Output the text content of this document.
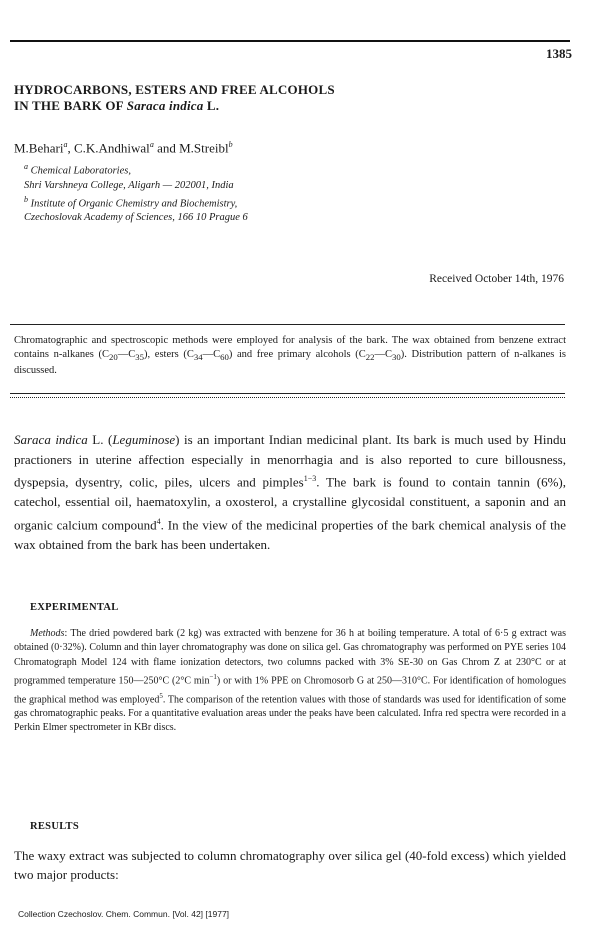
1385
HYDROCARBONS, ESTERS AND FREE ALCOHOLS
IN THE BARK OF Saraca indica L.
M.Behari$^a$, C.K.Andhiwal$^a$ and M.Streibl$^b$
$^a$ Chemical Laboratories,
Shri Varshneya College, Aligarh — 202001, India
$^b$ Institute of Organic Chemistry and Biochemistry,
Czechoslovak Academy of Sciences, 166 10 Prague 6
Received October 14th, 1976
Chromatographic and spectroscopic methods were employed for analysis of the bark. The wax obtained from benzene extract contains n-alkanes $(C_{20}—C_{35})$, esters $(C_{34}—C_{60})$ and free primary alcohols $(C_{22}—C_{30})$. Distribution pattern of n-alkanes is discussed.
Saraca indica L. (Leguminose) is an important Indian medicinal plant. Its bark is much used by Hindu practioners in uterine affection especially in menorrhagia and is also reported to cure billousness, dyspepsia, dysentry, colic, piles, ulcers and pimples$^{1-3}$. The bark is found to contain tannin (6%), catechol, essential oil, haematoxylin, a oxosterol, a crystalline glycosidal constituent, a saponin and an organic calcium compound$^4$. In the view of the medicinal properties of the bark chemical analysis of the wax obtained from the bark has been undertaken.
EXPERIMENTAL
Methods: The dried powdered bark (2 kg) was extracted with benzene for 36 h at boiling temperature. A total of 6·5 g extract was obtained (0·32%). Column and thin layer chromatography was done on silica gel. Gas chromatography was performed on PYE series 104 Chromatograph Model 124 with flame ionization detectors, two columns packed with 3% SE-30 on Gas Chrom Z at 230°C or at programmed temperature 150—250°C (2°C $\min^{-1}$) or with 1% PPE on Chromosorb G at 250—310°C. For identification of homologues the graphical method was employed$^5$. The comparison of the retention values with those of standards was used for identification of some gas chromatographic peaks. For a quantitative evaluation areas under the peaks have been calculated. Infra red spectra were recorded in a Perkin Elmer spectrometer in KBr discs.
RESULTS
The waxy extract was subjected to column chromatography over silica gel (40-fold excess) which yielded two major products:
Collection Czechoslov. Chem. Commun. [Vol. 42] [1977]
